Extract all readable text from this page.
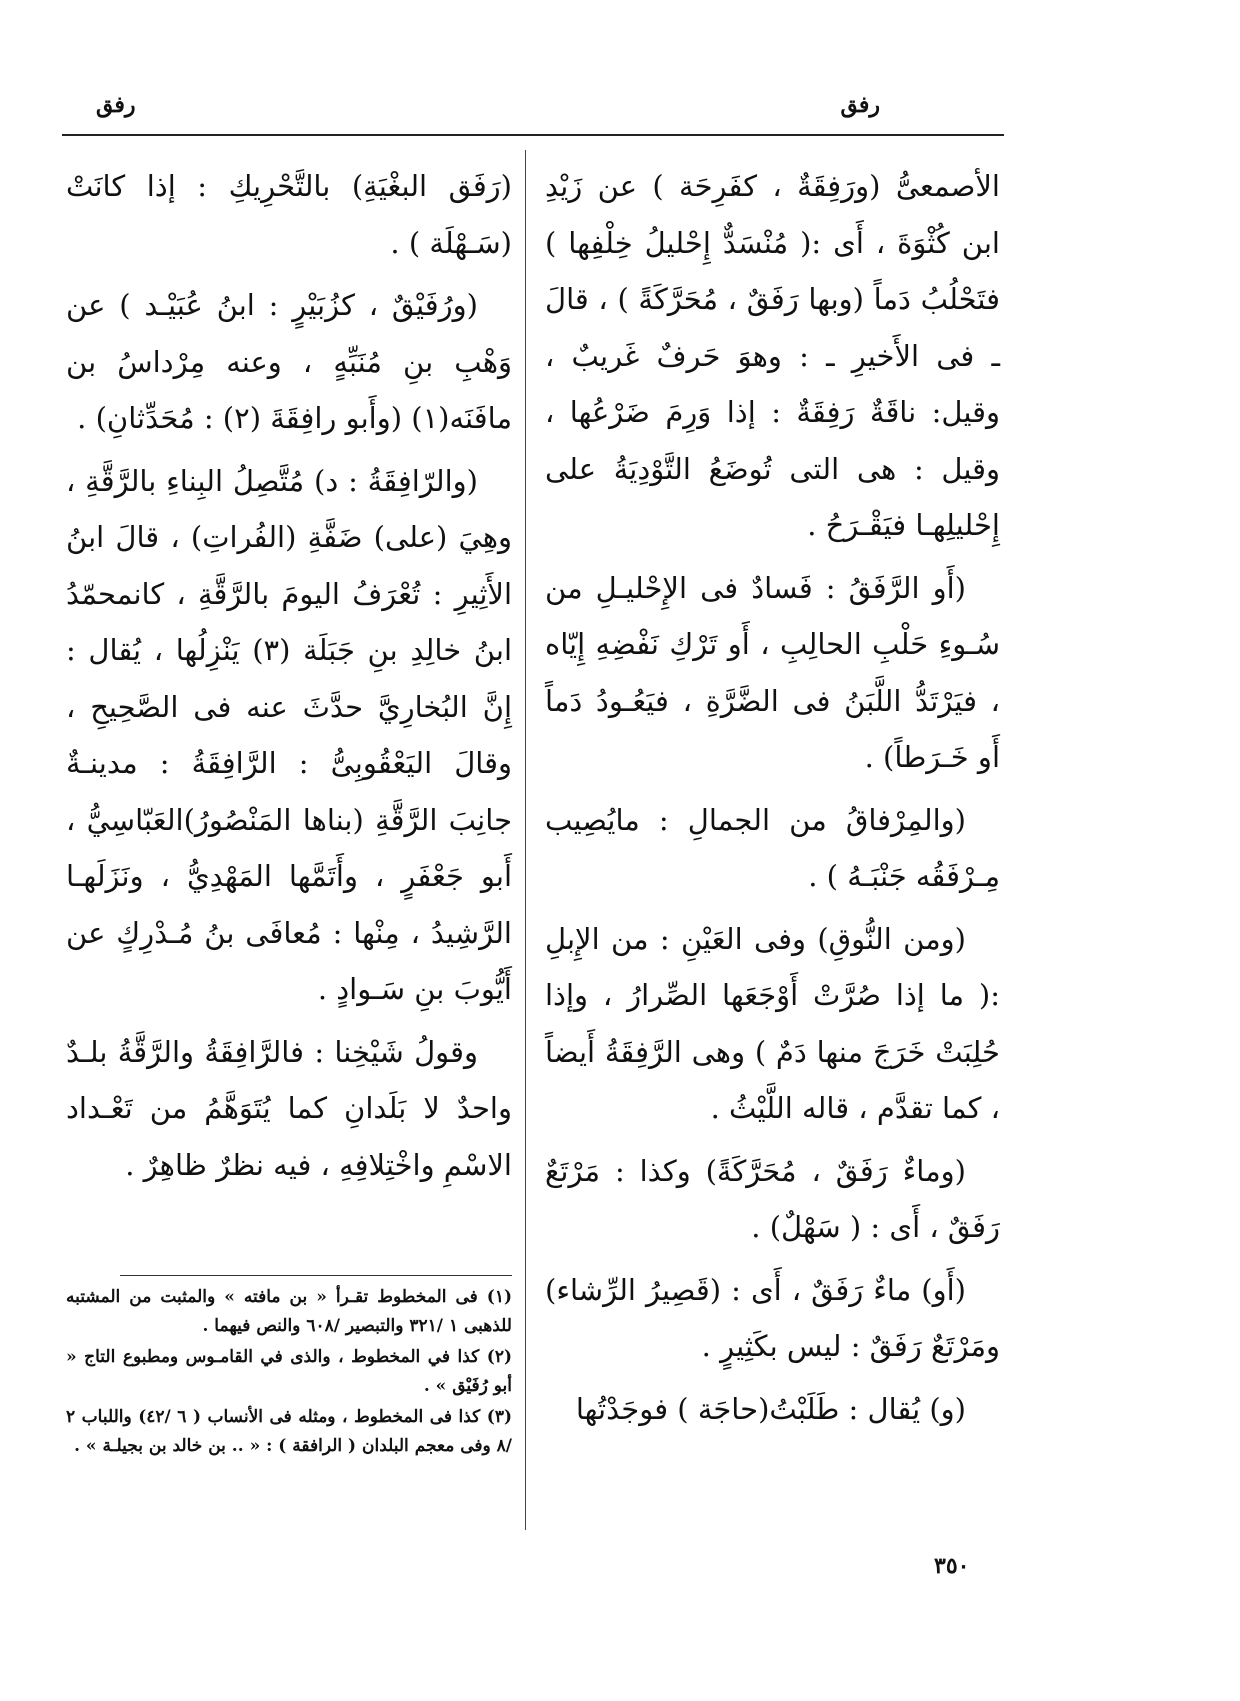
رفق
رفق

الأصمعىُّ (ورَفِقَةٌ ، كفَرِحَة ) عن زَيْدِ ابن كُثْوَةَ ، أَى :( مُنْسَدٌّ إِحْليلُ خِلْفِها ) فتَحْلُبُ دَماً (وبها رَفَقٌ ، مُحَرَّكَةً ) ، قالَ ـ فى الأَخيرِ ـ : وهوَ حَرفٌ غَريبٌ ، وقيل: ناقَةٌ رَفِقَةٌ : إذا وَرِمَ ضَرْعُها ، وقيل : هى التى تُوضَعُ التَّوْدِيَةُ على إِحْليلِهـا فيَقْـرَحُ .

(أَو الرَّفَقُ : فَسادٌ فى الإِحْليـلِ من سُـوءِ حَلْبِ الحالِبِ ، أَو تَرْكِ نَفْضِهِ إِيّاه ، فيَرْتَدُّ اللَّبَنُ فى الضَّرَّةِ ، فيَعُـودُ دَماً أَو خَـرَطاً) .

(والمِرْفاقُ من الجمالِ : مايُصِيب مِـرْفَقُه جَنْبَـهُ ) .

(ومن النُّوقِ) وفى العَيْنِ : من الإِبلِ :( ما إذا صُرَّتْ أَوْجَعَها الصِّرارُ ، وإذا حُلِبَتْ خَرَجَ منها دَمٌ ) وهى الرَّفِقَةُ أَيضاً ، كما تقدَّم ، قاله اللَّيْثُ .

(وماءٌ رَفَقٌ ، مُحَرَّكَةً) وكذا : مَرْتَعٌ رَفَقٌ ، أَى : ( سَهْلٌ) .

(أَو) ماءٌ رَفَقٌ ، أَى : (قَصِيرُ الرِّشاء) ومَرْتَعٌ رَفَقٌ : ليس بكَثِيرٍ .

(و) يُقال : طَلَبْتُ(حاجَة ) فوجَدْتُها

(رَفَق البغْيَةِ) بالتَّحْرِيكِ : إذا كانَتْ (سَـهْلَة ) .

(ورُفَيْقٌ ، كزُبَيْرٍ : ابنُ عُبَيْـد ) عن وَهْبِ بنِ مُنَبِّهٍ ، وعنه مِرْداسُ بن مافَنَه(١) (وأَبو رافِقَةَ (٢) : مُحَدِّثانِ) .

(والرّافِقَةُ : د) مُتَّصِلُ البِناءِ بالرَّقَّةِ ، وهِيَ (على) ضَفَّةِ (الفُراتِ) ، قالَ ابنُ الأَثِيرِ : تُعْرَفُ اليومَ بالرَّقَّةِ ، كانمحمّدُ ابنُ خالِدِ بنِ جَبَلَة (٣) يَنْزِلُها ، يُقال : إِنَّ البُخارِيَّ حدَّثَ عنه فى الصَّحِيحِ ، وقالَ اليَعْقُوبِىُّ : الرَّافِقَةُ : مدينـةٌ جانِبَ الرَّقَّةِ (بناها المَنْصُورُ)العَبّاسِيُّ ، أَبو جَعْفَرٍ ، وأَتَمَّها المَهْدِيُّ ، ونَزَلَهـا الرَّشِيدُ ، مِنْها : مُعافَى بنُ مُـدْرِكٍ عن أَيُّوبَ بنِ سَـوادٍ .

وقولُ شَيْخِنا : فالرَّافِقَةُ والرَّقَّةُ بلـدٌ واحدٌ لا بَلَدانِ كما يُتَوَهَّمُ من تَعْـداد الاسْمِ واخْتِلافِهِ ، فيه نظرٌ ظاهِرٌ .

(١) فى المخطوط تقـرأ « بن مافته » والمثبت من المشتبه للذهبى ١ /٣٢١ والتبصير /٦٠٨ والنص فيهما .

(٢) كذا في المخطوط ، والذى في القامـوس ومطبوع التاج « أبو رُفَيْق » .

(٣) كذا فى المخطوط ، ومثله فى الأنساب ( ٦ /٤٢) واللباب ٢ /٨ وفى معجم البلدان ( الرافقة ) : « .. بن خالد بن بجيلـة » .

٣٥٠
